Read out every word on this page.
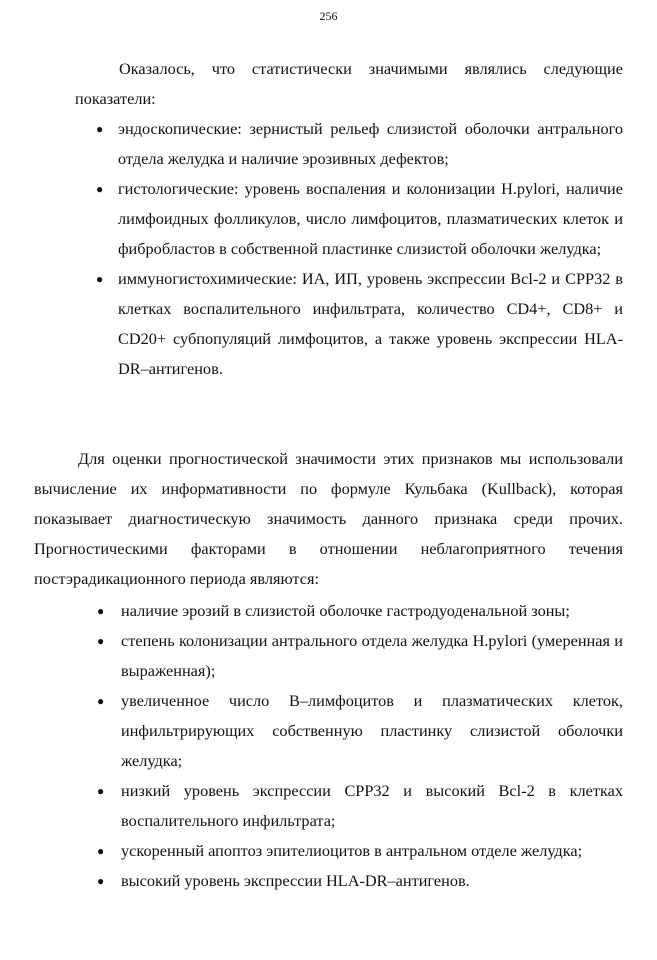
256

Оказалось, что статистически значимыми являлись следующие показатели:

● эндоскопические: зернистый рельеф слизистой оболочки антрального отдела желудка и наличие эрозивных дефектов;
● гистологические: уровень воспаления и колонизации H.pylori, наличие лимфоидных фолликулов, число лимфоцитов, плазматических клеток и фибробластов в собственной пластинке слизистой оболочки желудка;
● иммуногистохимические: ИА, ИП, уровень экспрессии Bcl-2 и CPP32 в клетках воспалительного инфильтрата, количество CD4+, CD8+ и CD20+ субпопуляций лимфоцитов, а также уровень экспрессии HLA-DR–антигенов.

Для оценки прогностической значимости этих признаков мы использовали вычисление их информативности по формуле Кульбака (Kullback), которая показывает диагностическую значимость данного признака среди прочих. Прогностическими факторами в отношении неблагоприятного течения постэрадикационного периода являются:

● наличие эрозий в слизистой оболочке гастродуоденальной зоны;
● степень колонизации антрального отдела желудка H.pylori (умеренная и выраженная);
● увеличенное число B–лимфоцитов и плазматических клеток, инфильтрирующих собственную пластинку слизистой оболочки желудка;
● низкий уровень экспрессии CPP32 и высокий Bcl-2 в клетках воспалительного инфильтрата;
● ускоренный апоптоз эпителиоцитов в антральном отделе желудка;
● высокий уровень экспрессии HLA-DR–антигенов.
